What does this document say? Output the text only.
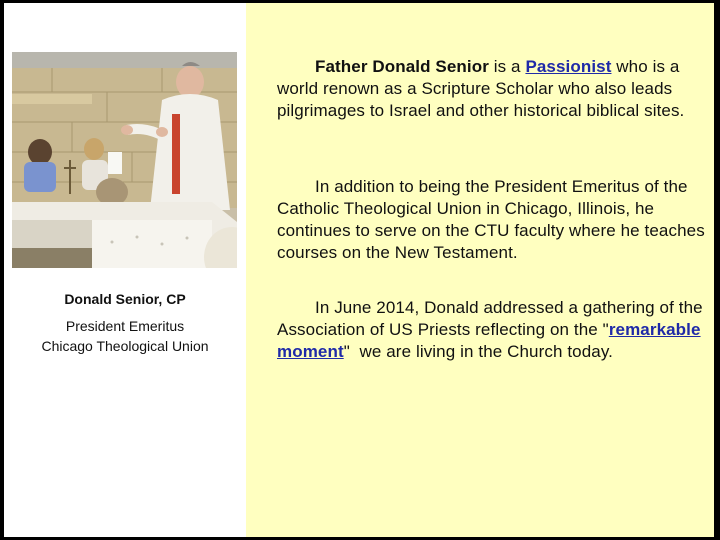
Donald Senior, CP
President Emeritus
Chicago Theological Union

Father Donald Senior is a Passionist who is a world renown as a Scripture Scholar who also leads pilgrimages to Israel and other historical biblical sites.

In addition to being the President Emeritus of the Catholic Theological Union in Chicago, Illinois, he continues to serve on the CTU faculty where he teaches courses on the New Testament.

In June 2014, Donald addressed a gathering of the Association of US Priests reflecting on the "remarkable moment"  we are living in the Church today.
